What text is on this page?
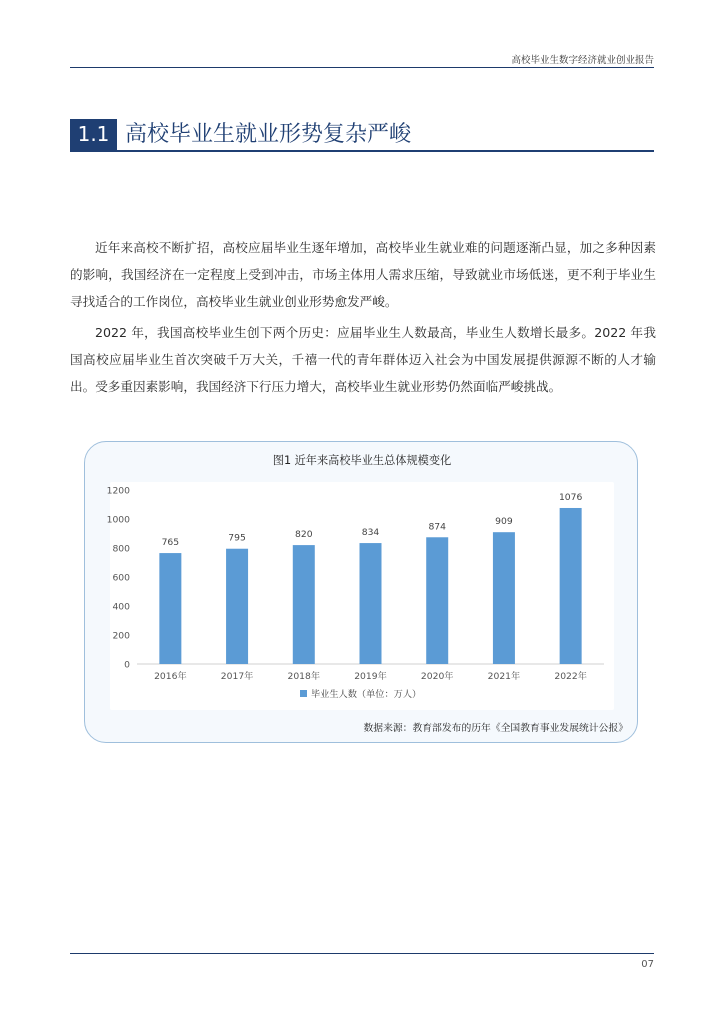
高校毕业生数字经济就业创业报告
1.1 高校毕业生就业形势复杂严峻

近年来高校不断扩招，高校应届毕业生逐年增加，高校毕业生就业难的问题逐渐凸显，加之多种因素的影响，我国经济在一定程度上受到冲击，市场主体用人需求压缩，导致就业市场低迷，更不利于毕业生寻找适合的工作岗位，高校毕业生就业创业形势愈发严峻。

2022 年，我国高校毕业生创下两个历史：应届毕业生人数最高，毕业生人数增长最多。2022 年我国高校应届毕业生首次突破千万大关，千禧一代的青年群体迈入社会为中国发展提供源源不断的人才输出。受多重因素影响，我国经济下行压力增大，高校毕业生就业形势仍然面临严峻挑战。

图1 近年来高校毕业生总体规模变化
0
200
400
600
800
1000
1200
765
2016年
795
2017年
820
2018年
834
2019年
874
2020年
909
2021年
1076
2022年
毕业生人数（单位：万人）
数据来源：教育部发布的历年《全国教育事业发展统计公报》
07
